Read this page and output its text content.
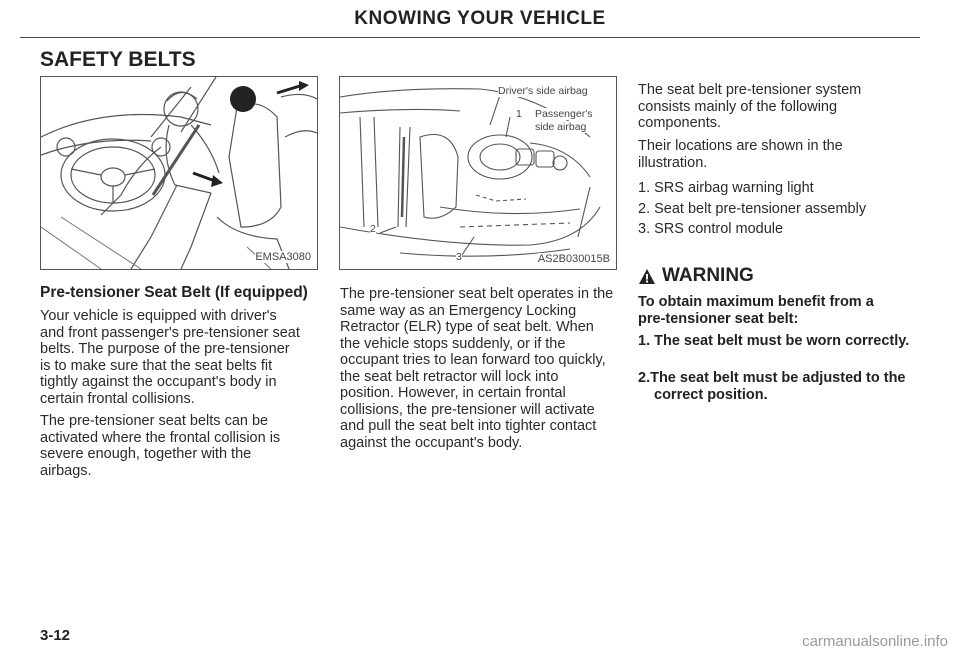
KNOWING YOUR VEHICLE
SAFETY BELTS
EMSA3080
Driver's side airbag
1 Passenger's
side airbag
2
3	AS2B030015B
Pre-tensioner Seat Belt (If equipped)
Your vehicle is equipped with driver's and front passenger's pre-tensioner seat belts. The purpose of the pre-tensioner is to make sure that the seat belts fit tightly against the occupant's body in certain frontal collisions.
The pre-tensioner seat belts can be activated where the frontal collision is severe enough, together with the airbags.
The pre-tensioner seat belt operates in the same way as an Emergency Locking Retractor (ELR) type of seat belt. When the vehicle stops suddenly, or if the occupant tries to lean forward too quickly, the seat belt retractor will lock into position. However, in certain frontal collisions, the pre-tensioner will activate and pull the seat belt into tighter contact against the occupant's body.
The seat belt pre-tensioner system consists mainly of the following components.
Their locations are shown in the illustration.
1. SRS airbag warning light
2. Seat belt pre-tensioner assembly
3. SRS control module
WARNING
To obtain maximum benefit from a pre-tensioner seat belt:
1. The seat belt must be worn correctly.
2.The seat belt must be adjusted to the correct position.
3-12	carmanualsonline.info
